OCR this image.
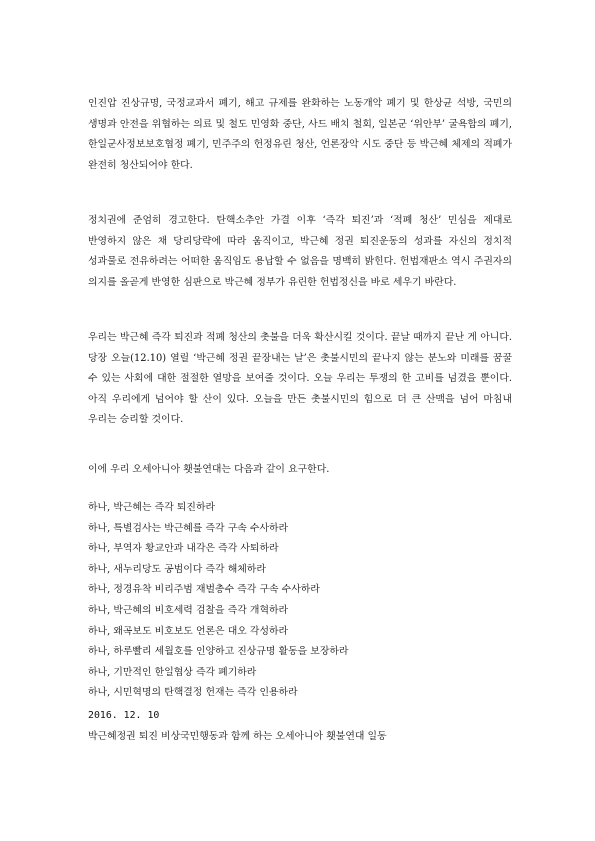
인진압 진상규명, 국정교과서 폐기, 해고 규제를 완화하는 노동개악 폐기 및 한상균 석방, 국민의 생명과 안전을 위협하는 의료 및 철도 민영화 중단, 사드 배치 철회, 일본군 ‘위안부’ 굴욕합의 폐기, 한일군사정보보호협정 폐기, 민주주의 헌정유린 청산, 언론장악 시도 중단 등 박근혜 체제의 적폐가 완전히 청산되어야 한다.

정치권에 준엄히 경고한다. 탄핵소추안 가결 이후 ‘즉각 퇴진’과 ‘적폐 청산’ 민심을 제대로 반영하지 않은 채 당리당략에 따라 움직이고, 박근혜 정권 퇴진운동의 성과를 자신의 정치적 성과물로 전유하려는 어떠한 움직임도 용납할 수 없음을 명백히 밝힌다. 헌법재판소 역시 주권자의 의지를 올곧게 반영한 심판으로 박근혜 정부가 유린한 헌법정신을 바로 세우기 바란다.

우리는 박근혜 즉각 퇴진과 적폐 청산의 촛불을 더욱 확산시킬 것이다. 끝날 때까지 끝난 게 아니다. 당장 오늘(12.10) 열릴 ‘박근혜 정권 끝장내는 날’은 촛불시민의 끝나지 않는 분노와 미래를 꿈꿀 수 있는 사회에 대한 절절한 열망을 보여줄 것이다. 오늘 우리는 투쟁의 한 고비를 넘겼을 뿐이다. 아직 우리에게 넘어야 할 산이 있다. 오늘을 만든 촛불시민의 힘으로 더 큰 산맥을 넘어 마침내 우리는 승리할 것이다.

이에 우리 오세아니아 횃불연대는 다음과 같이 요구한다.

하나, 박근혜는 즉각 퇴진하라
하나, 특별검사는 박근혜를 즉각 구속 수사하라
하나, 부역자 황교안과 내각은 즉각 사퇴하라
하나, 새누리당도 공범이다 즉각 해체하라
하나, 정경유착 비리주범 재벌총수 즉각 구속 수사하라
하나, 박근혜의 비호세력 검찰을 즉각 개혁하라
하나, 왜곡보도 비호보도 언론은 대오 각성하라
하나, 하루빨리 세월호를 인양하고 진상규명 활동을 보장하라
하나, 기만적인 한일협상 즉각 폐기하라
하나, 시민혁명의 탄핵결정 헌재는 즉각 인용하라

2016. 12. 10

박근혜정권 퇴진 비상국민행동과 함께 하는 오세아니아 횃불연대 일동
